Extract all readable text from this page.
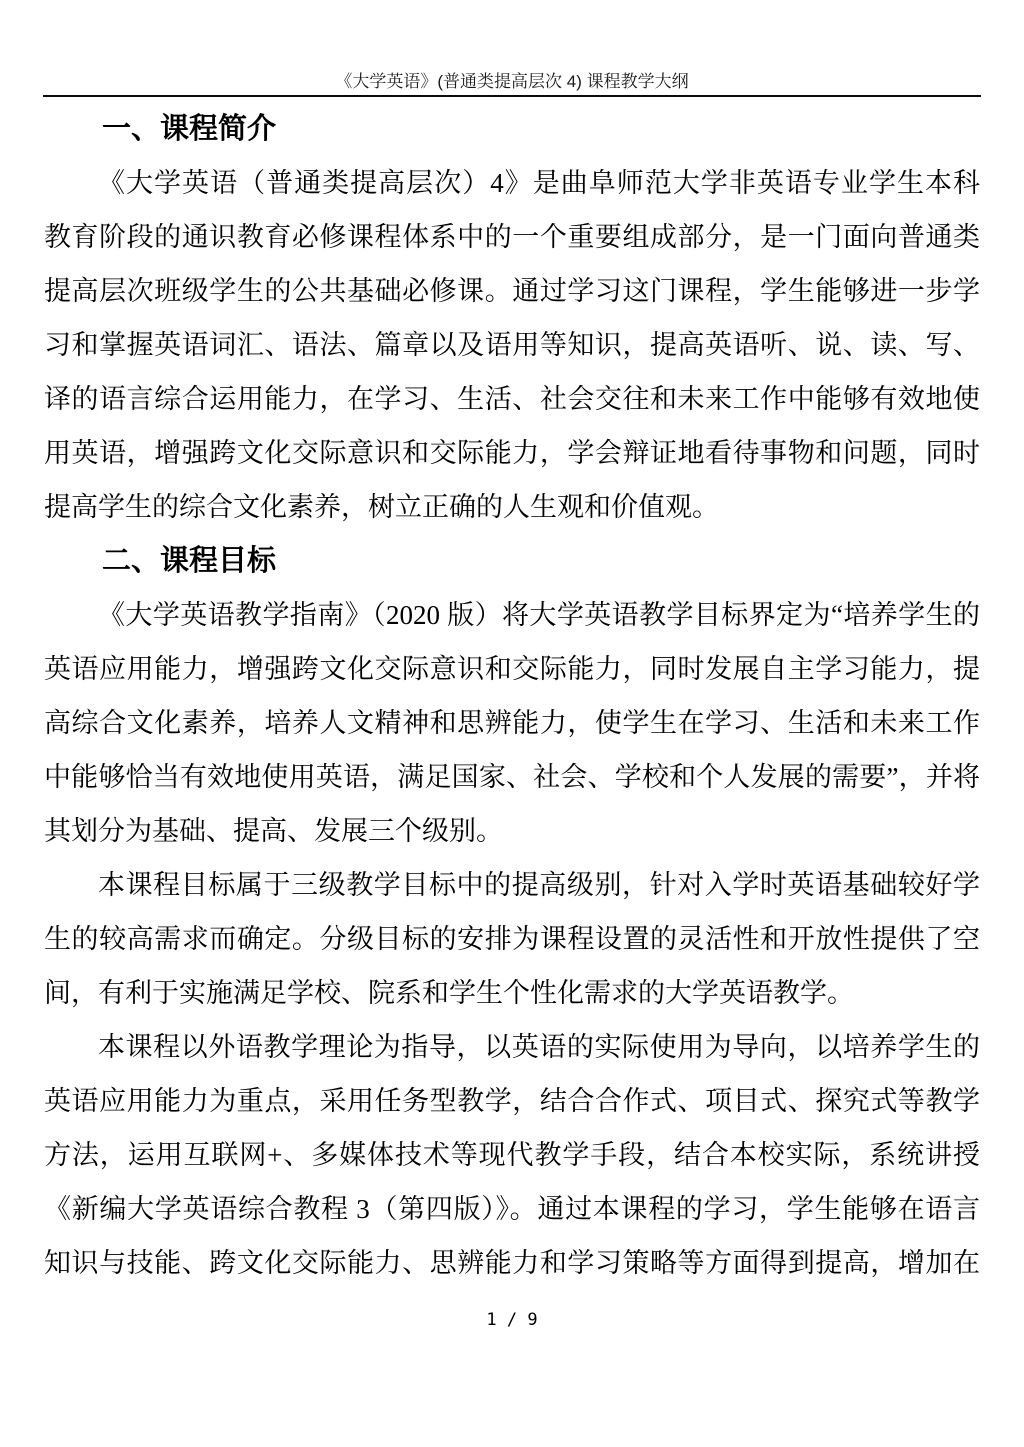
《大学英语》(普通类提高层次 4) 课程教学大纲
一、课程简介
《大学英语（普通类提高层次）4》是曲阜师范大学非英语专业学生本科
教育阶段的通识教育必修课程体系中的一个重要组成部分，是一门面向普通类
提高层次班级学生的公共基础必修课。通过学习这门课程，学生能够进一步学
习和掌握英语词汇、语法、篇章以及语用等知识，提高英语听、说、读、写、
译的语言综合运用能力，在学习、生活、社会交往和未来工作中能够有效地使
用英语，增强跨文化交际意识和交际能力，学会辩证地看待事物和问题，同时
提高学生的综合文化素养，树立正确的人生观和价值观。
二、课程目标
《大学英语教学指南》（2020 版）将大学英语教学目标界定为“培养学生的
英语应用能力，增强跨文化交际意识和交际能力，同时发展自主学习能力，提
高综合文化素养，培养人文精神和思辨能力，使学生在学习、生活和未来工作
中能够恰当有效地使用英语，满足国家、社会、学校和个人发展的需要”，并将
其划分为基础、提高、发展三个级别。
本课程目标属于三级教学目标中的提高级别，针对入学时英语基础较好学
生的较高需求而确定。分级目标的安排为课程设置的灵活性和开放性提供了空
间，有利于实施满足学校、院系和学生个性化需求的大学英语教学。
本课程以外语教学理论为指导，以英语的实际使用为导向，以培养学生的
英语应用能力为重点，采用任务型教学，结合合作式、项目式、探究式等教学
方法，运用互联网+、多媒体技术等现代教学手段，结合本校实际，系统讲授
《新编大学英语综合教程 3（第四版）》。通过本课程的学习，学生能够在语言
知识与技能、跨文化交际能力、思辨能力和学习策略等方面得到提高，增加在
1 / 9
